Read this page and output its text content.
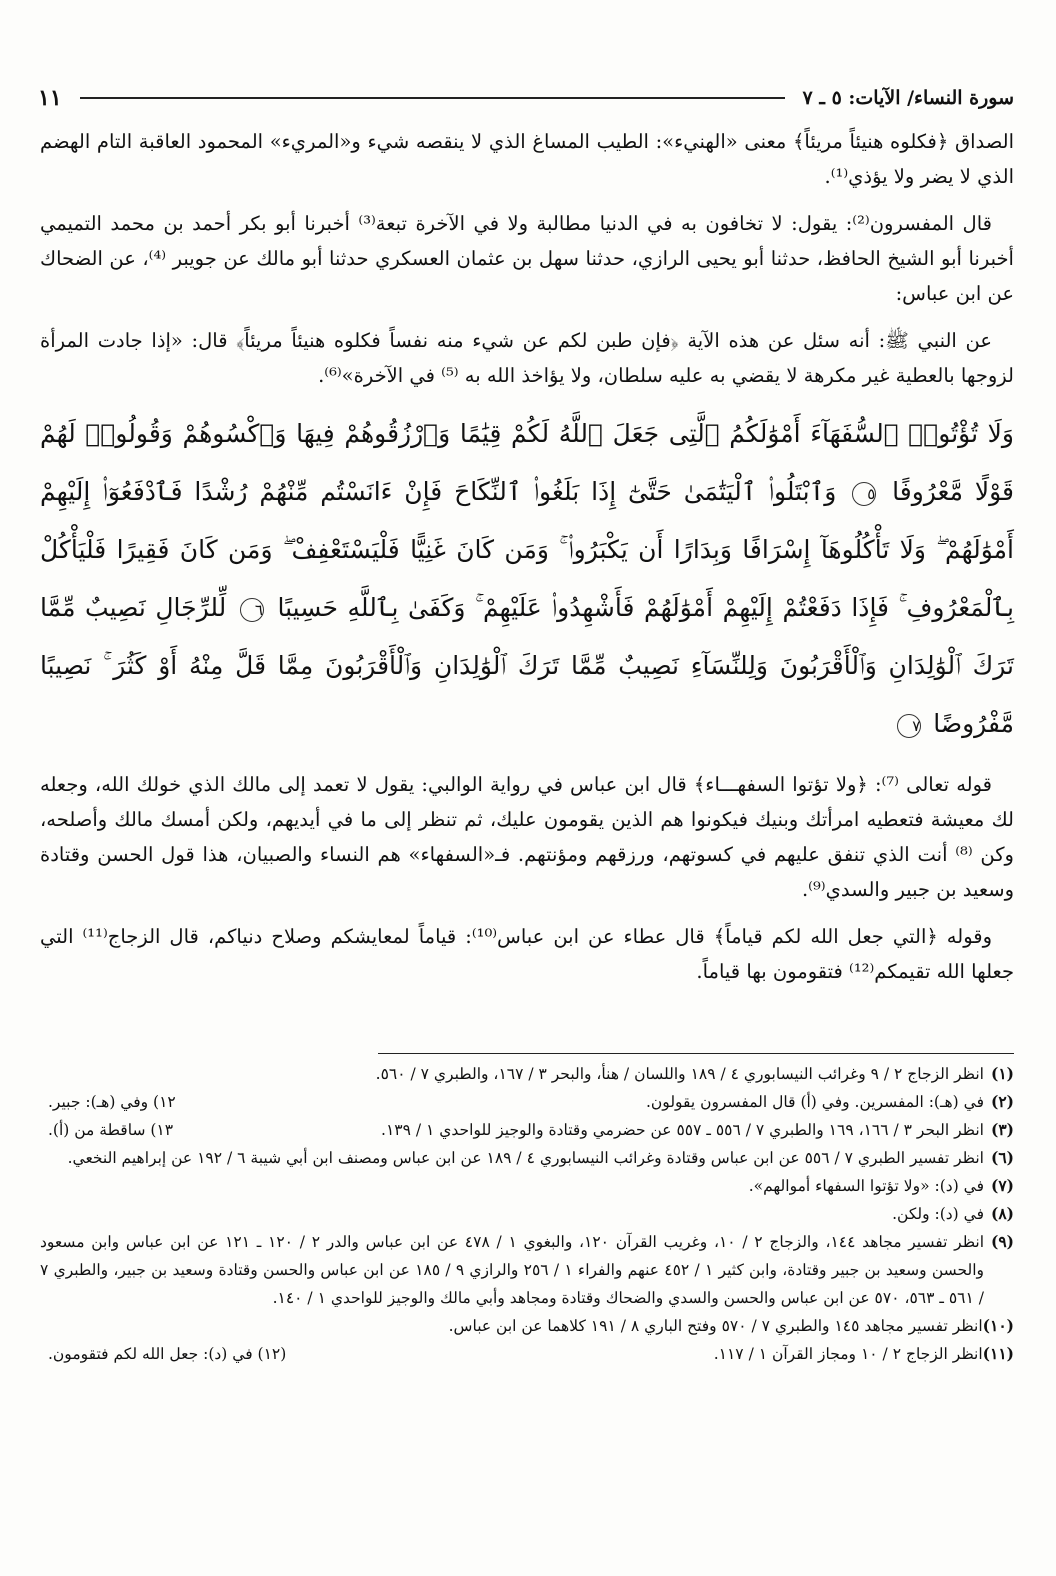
سورة النساء/ الآيات: ٥ ـ ٧
١١

الصداق ﴿فكلوه هنيئاً مريئاً﴾ معنى «الهنيء»: الطيب المساغ الذي لا ينقصه شيء و«المريء» المحمود العاقبة التام الهضم الذي لا يضر ولا يؤذي⁽¹⁾.

قال المفسرون⁽²⁾: يقول: لا تخافون به في الدنيا مطالبة ولا في الآخرة تبعة⁽³⁾ أخبرنا أبو بكر أحمد بن محمد التميمي أخبرنا أبو الشيخ الحافظ، حدثنا أبو يحيى الرازي، حدثنا سهل بن عثمان العسكري حدثنا أبو مالك عن جويبر ⁽⁴⁾، عن الضحاك عن ابن عباس:

عن النبي ﷺ: أنه سئل عن هذه الآية ﴿فإن طبن لكم عن شيء منه نفساً فكلوه هنيئاً مريئاً﴾ قال: «إذا جادت المرأة لزوجها بالعطية غير مكرهة لا يقضي به عليه سلطان، ولا يؤاخذ الله به ⁽⁵⁾ في الآخرة»⁽⁶⁾.

وَلَا تُؤْتُوا۟ ٱلسُّفَهَآءَ أَمْوَٰلَكُمُ ٱلَّتِى جَعَلَ ٱللَّهُ لَكُمْ قِيَٰمًا وَٱرْزُقُوهُمْ فِيهَا وَٱكْسُوهُمْ وَقُولُوا۟ لَهُمْ قَوْلًا مَّعْرُوفًا ٥ وَٱبْتَلُوا۟ ٱلْيَتَٰمَىٰ حَتَّىٰٓ إِذَا بَلَغُوا۟ ٱلنِّكَاحَ فَإِنْ ءَانَسْتُم مِّنْهُمْ رُشْدًا فَٱدْفَعُوٓا۟ إِلَيْهِمْ أَمْوَٰلَهُمْ ۖ وَلَا تَأْكُلُوهَآ إِسْرَافًا وَبِدَارًا أَن يَكْبَرُوا۟ ۚ وَمَن كَانَ غَنِيًّا فَلْيَسْتَعْفِفْ ۖ وَمَن كَانَ فَقِيرًا فَلْيَأْكُلْ بِٱلْمَعْرُوفِ ۚ فَإِذَا دَفَعْتُمْ إِلَيْهِمْ أَمْوَٰلَهُمْ فَأَشْهِدُوا۟ عَلَيْهِمْ ۚ وَكَفَىٰ بِٱللَّهِ حَسِيبًا ٦ لِّلرِّجَالِ نَصِيبٌ مِّمَّا تَرَكَ ٱلْوَٰلِدَانِ وَٱلْأَقْرَبُونَ وَلِلنِّسَآءِ نَصِيبٌ مِّمَّا تَرَكَ ٱلْوَٰلِدَانِ وَٱلْأَقْرَبُونَ مِمَّا قَلَّ مِنْهُ أَوْ كَثُرَ ۚ نَصِيبًا مَّفْرُوضًا ٧

قوله تعالى ⁽⁷⁾: ﴿ولا تؤتوا السفهـــاء﴾ قال ابن عباس في رواية الوالبي: يقول لا تعمد إلى مالك الذي خولك الله، وجعله لك معيشة فتعطيه امرأتك وبنيك فيكونوا هم الذين يقومون عليك، ثم تنظر إلى ما في أيديهم، ولكن أمسك مالك وأصلحه، وكن ⁽⁸⁾ أنت الذي تنفق عليهم في كسوتهم، ورزقهم ومؤنتهم. فـ«السفهاء» هم النساء والصبيان، هذا قول الحسن وقتادة وسعيد بن جبير والسدي⁽⁹⁾.

وقوله ﴿التي جعل الله لكم قياماً﴾ قال عطاء عن ابن عباس⁽¹⁰⁾: قياماً لمعايشكم وصلاح دنياكم، قال الزجاج⁽¹¹⁾ التي جعلها الله تقيمكم⁽¹²⁾ فتقومون بها قياماً.

(١)
انظر الزجاج ٢ / ٩ وغرائب النيسابوري ٤ / ١٨٩ واللسان / هنأ، والبحر ٣ / ١٦٧، والطبري ٧ / ٥٦٠.
(٢)
في (هـ): المفسرين. وفي (أ) قال المفسرون يقولون.
١٢) وفي (هـ): جبير.
(٣)
انظر البحر ٣ / ١٦٦، ١٦٩ والطبري ٧ / ٥٥٦ ـ ٥٥٧ عن حضرمي وقتادة والوجيز للواحدي ١ / ١٣٩.
١٣) ساقطة من (أ).
(٦)
انظر تفسير الطبري ٧ / ٥٥٦ عن ابن عباس وقتادة وغرائب النيسابوري ٤ / ١٨٩ عن ابن عباس ومصنف ابن أبي شيبة ٦ / ١٩٢ عن إبراهيم النخعي.
(٧)
في (د): «ولا تؤتوا السفهاء أموالهم».
(٨)
في (د): ولكن.
(٩)
انظر تفسير مجاهد ١٤٤، والزجاج ٢ / ١٠، وغريب القرآن ١٢٠، والبغوي ١ / ٤٧٨ عن ابن عباس والدر ٢ / ١٢٠ ـ ١٢١ عن ابن عباس وابن مسعود والحسن وسعيد بن جبير وقتادة، وابن كثير ١ / ٤٥٢ عنهم والفراء ١ / ٢٥٦ والرازي ٩ / ١٨٥ عن ابن عباس والحسن وقتادة وسعيد بن جبير، والطبري ٧ / ٥٦١ ـ ٥٦٣، ٥٧٠ عن ابن عباس والحسن والسدي والضحاك وقتادة ومجاهد وأبي مالك والوجيز للواحدي ١ / ١٤٠.
(١٠)
انظر تفسير مجاهد ١٤٥ والطبري ٧ / ٥٧٠ وفتح الباري ٨ / ١٩١ كلاهما عن ابن عباس.
(١١)
انظر الزجاج ٢ / ١٠ ومجاز القرآن ١ / ١١٧.
(١٢) في (د): جعل الله لكم فتقومون.
